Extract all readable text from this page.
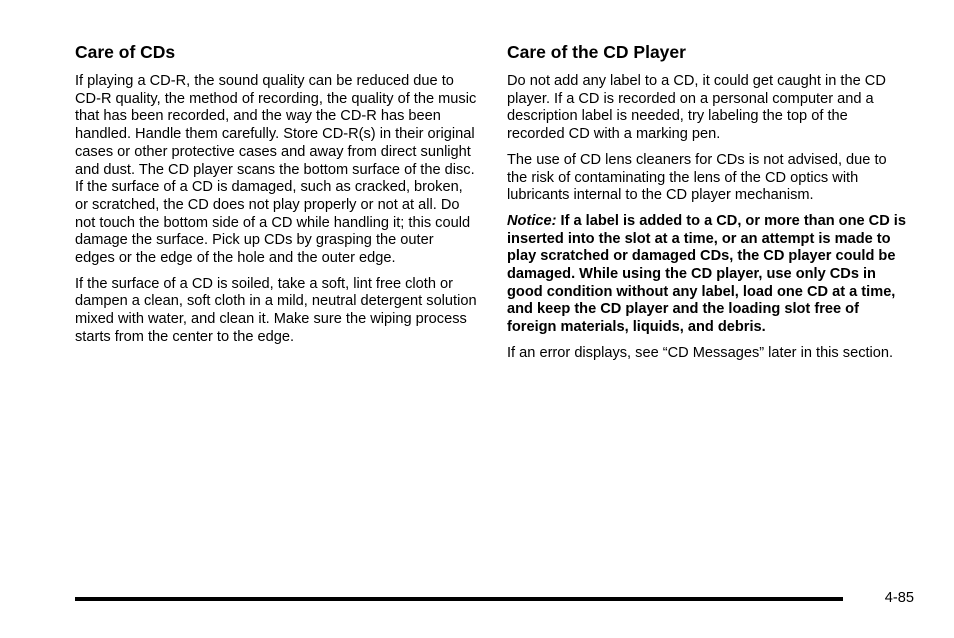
Care of CDs

If playing a CD-R, the sound quality can be reduced due to CD-R quality, the method of recording, the quality of the music that has been recorded, and the way the CD-R has been handled. Handle them carefully. Store CD-R(s) in their original cases or other protective cases and away from direct sunlight and dust. The CD player scans the bottom surface of the disc. If the surface of a CD is damaged, such as cracked, broken, or scratched, the CD does not play properly or not at all. Do not touch the bottom side of a CD while handling it; this could damage the surface. Pick up CDs by grasping the outer edges or the edge of the hole and the outer edge.

If the surface of a CD is soiled, take a soft, lint free cloth or dampen a clean, soft cloth in a mild, neutral detergent solution mixed with water, and clean it. Make sure the wiping process starts from the center to the edge.

Care of the CD Player

Do not add any label to a CD, it could get caught in the CD player. If a CD is recorded on a personal computer and a description label is needed, try labeling the top of the recorded CD with a marking pen.

The use of CD lens cleaners for CDs is not advised, due to the risk of contaminating the lens of the CD optics with lubricants internal to the CD player mechanism.

Notice: If a label is added to a CD, or more than one CD is inserted into the slot at a time, or an attempt is made to play scratched or damaged CDs, the CD player could be damaged. While using the CD player, use only CDs in good condition without any label, load one CD at a time, and keep the CD player and the loading slot free of foreign materials, liquids, and debris.

If an error displays, see “CD Messages” later in this section.

4-85
